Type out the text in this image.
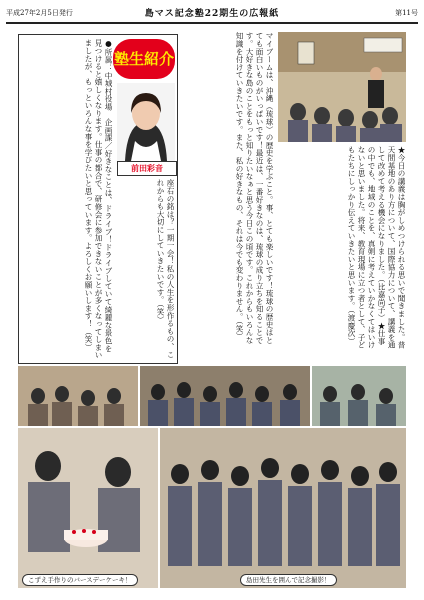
平成27年2月5日発行	島マス記念塾22期生の広報紙	第11号
塾生紹介
前田彩音
●所属：中城村役場　企画課／好きなことは、ドライブ！ドライブしていて綺麗な景色を見つけると嬉しくなります。仕事の都合で、研修会に参加できないことが多くなってしまいましたが、もっといろんな事を学びたいと思っています。よろしくお願いします！（笑）	座右の銘は？一期一会！私の人生を形作るもの、これからも大切にしていきたいです。（笑）	マイブームは、沖縄（琉球）の歴史を学ぶこと。事、とても楽しいです！琉球の歴史はとても面白いものがいっぱいです！最近は、一番好きなのは、琉球の成り立ちを知ることです。大好きな島のことをもっと知りたいなぁと思う今日この頃です。これからもいろんな知識を付けていきたいです。また、私の好きなもの、それは今でも変わりません。（笑）	★今日の講義は胸がしめつけられる思いで聞きました。普天間基地のあり方について、国際協力について、講義を通して改めて考える機会になりました。（比嘉尚子）★仕事の中でも、地域のことを、真剣に考えていかなくてはいけないと思いました。将来、教育現場に立つ者として、子どもたちにしっかり伝えていきたいと思います。（渡慶次）
こずえ手作りのバースデーケーキ！	島田先生を囲んで記念撮影！
